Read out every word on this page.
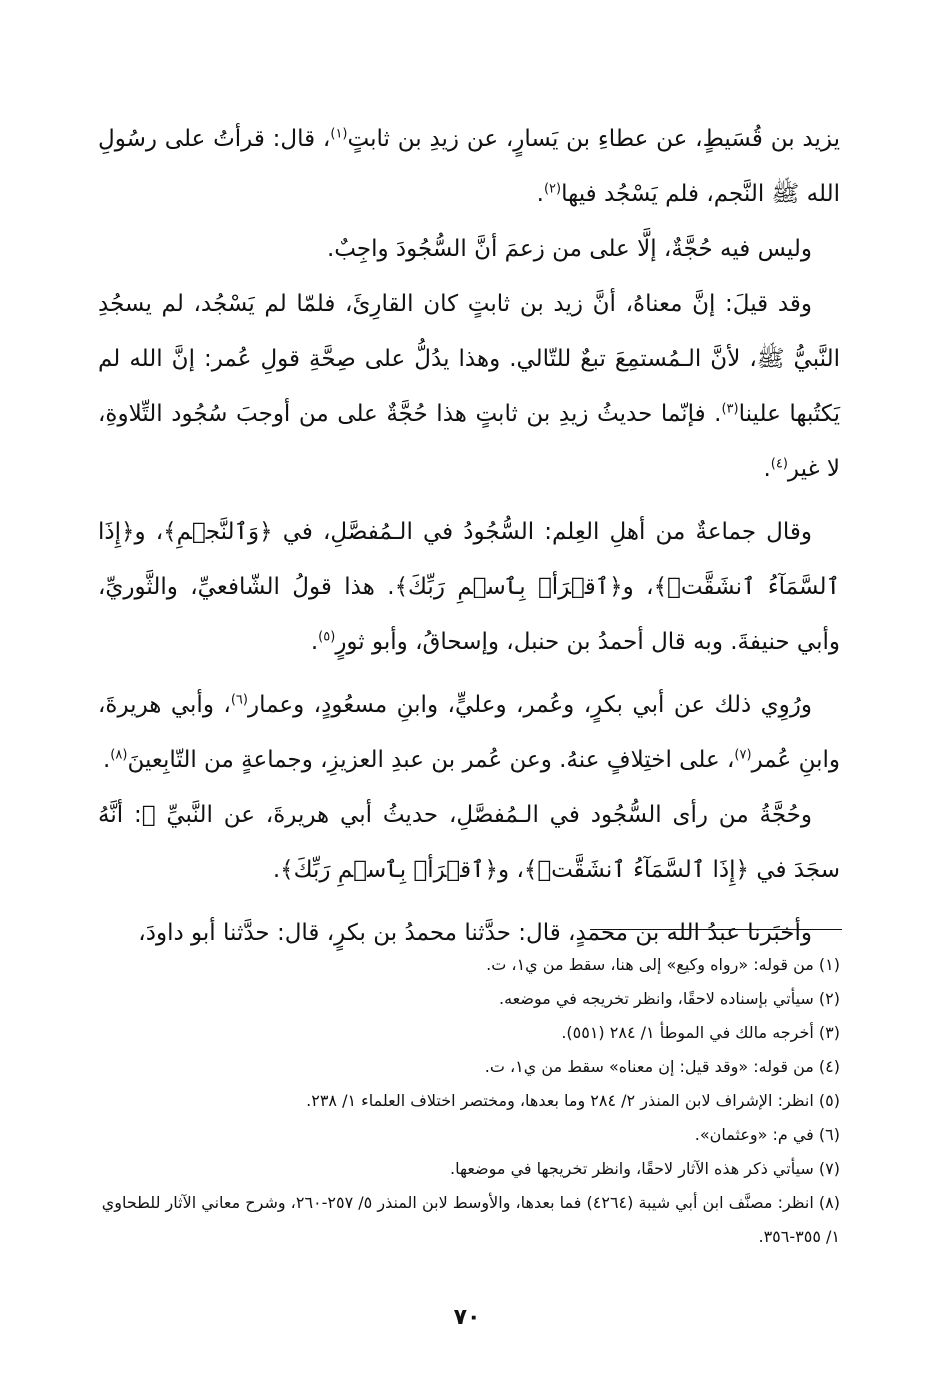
يزيد بن قُسَيطٍ، عن عطاءِ بن يَسارٍ، عن زيدِ بن ثابتٍ$^{(١)}$، قال: قرأتُ على رسُولِ الله ﷺ النَّجم، فلم يَسْجُد فيها$^{(٢)}$.

وليس فيه حُجَّةٌ، إلَّا على من زعمَ أنَّ السُّجُودَ واجِبٌ.

وقد قيلَ: إنَّ معناهُ، أنَّ زيد بن ثابتٍ كان القارِئَ، فلمّا لم يَسْجُد، لم يسجُدِ النَّبيُّ ﷺ، لأنَّ الـمُستمِعَ تبعٌ للتّالي. وهذا يدُلُّ على صِحَّةِ قولِ عُمر: إنَّ الله لم يَكتُبها علينا$^{(٣)}$. فإنّما حديثُ زيدِ بن ثابتٍ هذا حُجَّةٌ على من أوجبَ سُجُود التِّلاوةِ، لا غير$^{(٤)}$.

وقال جماعةٌ من أهلِ العِلم: السُّجُودُ في الـمُفصَّلِ، في ﴿وَٱلنَّجۡمِ﴾، و﴿إِذَا ٱلسَّمَآءُ ٱنشَقَّتۡ﴾، و﴿ٱقۡرَأۡ بِٱسۡمِ رَبِّكَ﴾. هذا قولُ الشّافعيِّ، والثَّوريِّ، وأبي حنيفةَ. وبه قال أحمدُ بن حنبل، وإسحاقُ، وأبو ثورٍ$^{(٥)}$.

ورُوِي ذلك عن أبي بكرٍ، وعُمر، وعليٍّ، وابنِ مسعُودٍ، وعمار$^{(٦)}$، وأبي هريرةَ، وابنِ عُمر$^{(٧)}$، على اختِلافٍ عنهُ. وعن عُمر بن عبدِ العزيزِ، وجماعةٍ من التّابِعينَ$^{(٨)}$.

وحُجَّةُ من رأى السُّجُود في الـمُفصَّلِ، حديثُ أبي هريرةَ، عن النَّبيِّ ﷺ: أنَّهُ سجَدَ في ﴿إِذَا ٱلسَّمَآءُ ٱنشَقَّتۡ﴾، و﴿ٱقۡرَأۡ بِٱسۡمِ رَبِّكَ﴾.

وأخبَرنا عبدُ الله بن محمدٍ، قال: حدَّثنا محمدُ بن بكرٍ، قال: حدَّثنا أبو داودَ،

(١) من قوله: «رواه وكيع» إلى هنا، سقط من ي١، ت.

(٢) سيأتي بإسناده لاحقًا، وانظر تخريجه في موضعه.

(٣) أخرجه مالك في الموطأ ١/ ٢٨٤ (٥٥١).

(٤) من قوله: «وقد قيل: إن معناه» سقط من ي١، ت.

(٥) انظر: الإشراف لابن المنذر ٢/ ٢٨٤ وما بعدها، ومختصر اختلاف العلماء ١/ ٢٣٨.

(٦) في م: «وعثمان».

(٧) سيأتي ذكر هذه الآثار لاحقًا، وانظر تخريجها في موضعها.

(٨) انظر: مصنَّف ابن أبي شيبة (٤٢٦٤) فما بعدها، والأوسط لابن المنذر ٥/ ٢٥٧-٢٦٠، وشرح معاني الآثار للطحاوي ١/ ٣٥٥-٣٥٦.

٧٠
